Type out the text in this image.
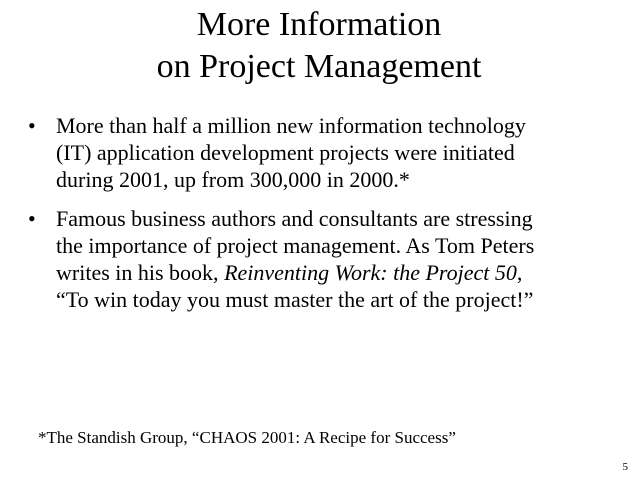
More Information
on Project Management
• More than half a million new information technology
(IT) application development projects were initiated
during 2001, up from 300,000 in 2000.*
• Famous business authors and consultants are stressing
the importance of project management. As Tom Peters
writes in his book, Reinventing Work: the Project 50,
“To win today you must master the art of the project!”

*The Standish Group, “CHAOS 2001: A Recipe for Success”

5
